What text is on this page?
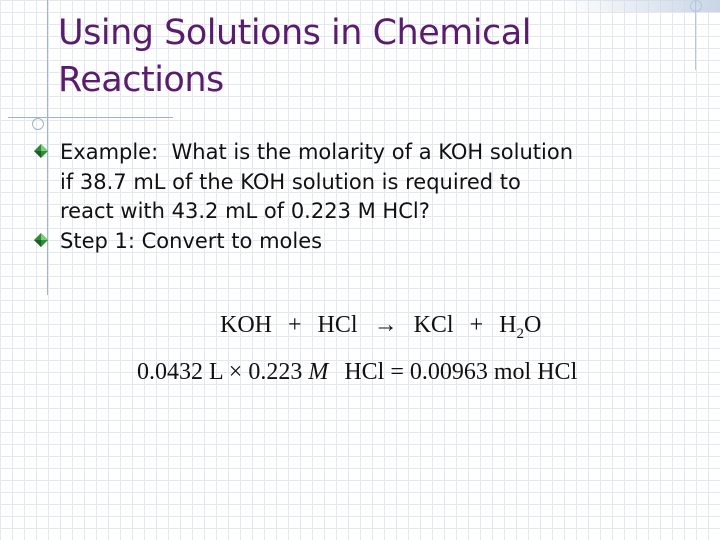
Using Solutions in Chemical
Reactions
Example:  What is the molarity of a KOH solution
if 38.7 mL of the KOH solution is required to
react with 43.2 mL of 0.223 M HCl?
Step 1: Convert to moles
KOH + HCl → KCl + $H_2O$
0.0432 L × 0.223 M HCl = 0.00963 mol HCl
